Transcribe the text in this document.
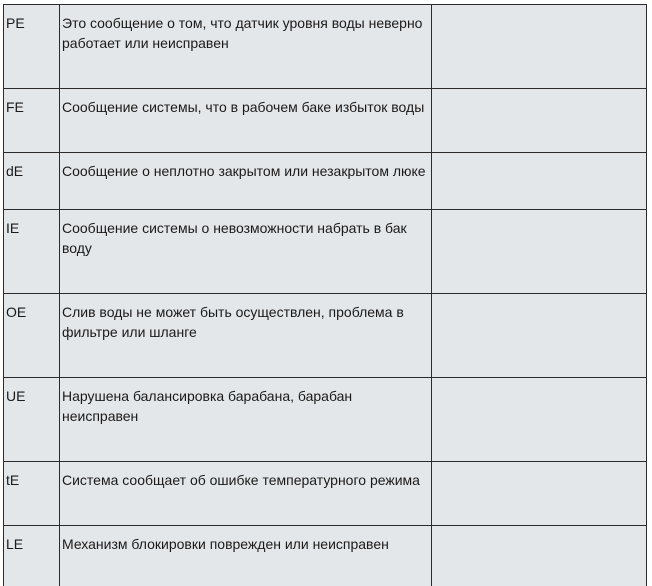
PE	Это сообщение о том, что датчик уровня воды неверно работает или неисправен	
FE	Сообщение системы, что в рабочем баке избыток воды	
dE	Сообщение о неплотно закрытом или незакрытом люке	
IE	Сообщение системы о невозможности набрать в бак воду	
OE	Слив воды не может быть осуществлен, проблема в фильтре или шланге	
UE	Нарушена балансировка барабана, барабан неисправен	
tE	Система сообщает об ошибке температурного режима	
LE	Механизм блокировки поврежден или неисправен	
